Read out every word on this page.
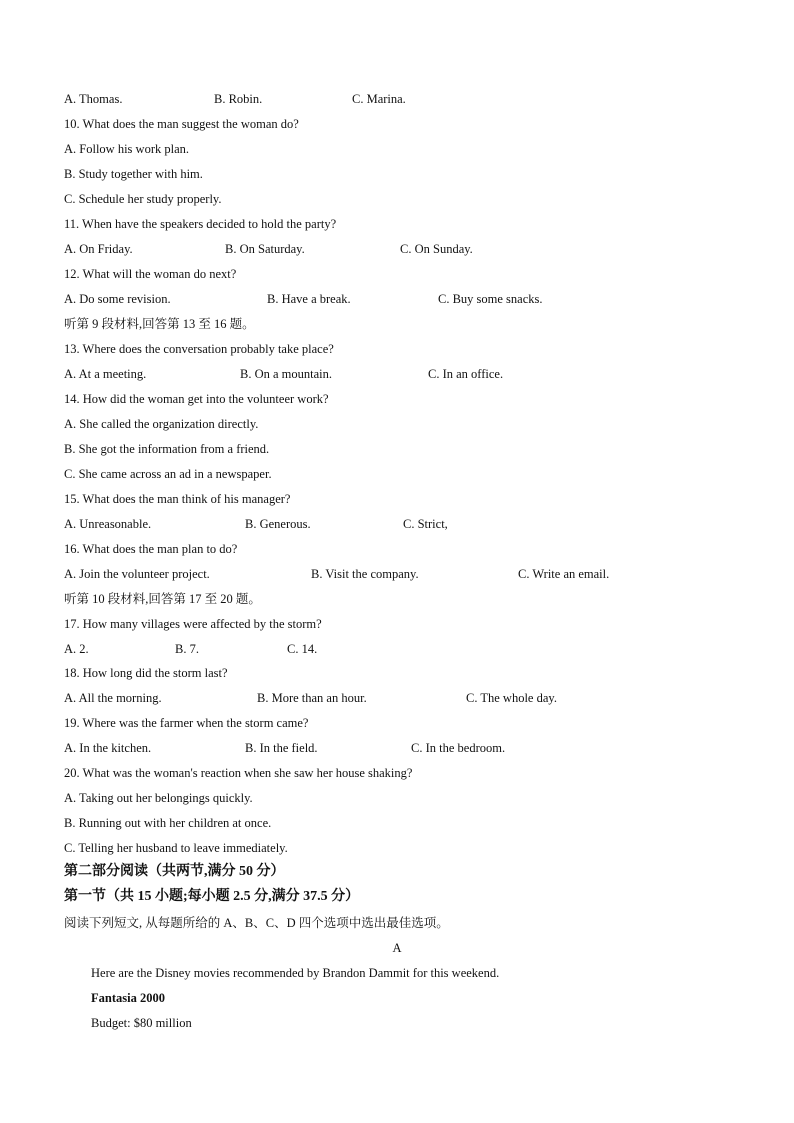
A. Thomas.	B. Robin.	C. Marina.
10. What does the man suggest the woman do?
A. Follow his work plan.
B. Study together with him.
C. Schedule her study properly.
11. When have the speakers decided to hold the party?
A. On Friday.	B. On Saturday.	C. On Sunday.
12. What will the woman do next?
A. Do some revision.	B. Have a break.	C. Buy some snacks.
听第 9 段材料,回答第 13 至 16 题。
13. Where does the conversation probably take place?
A. At a meeting.	B. On a mountain.	C. In an office.
14. How did the woman get into the volunteer work?
A. She called the organization directly.
B. She got the information from a friend.
C. She came across an ad in a newspaper.
15. What does the man think of his manager?
A. Unreasonable.	B. Generous.	C. Strict,
16. What does the man plan to do?
A. Join the volunteer project.	B. Visit the company.	C. Write an email.
听第 10 段材料,回答第 17 至 20 题。
17. How many villages were affected by the storm?
A. 2.	B. 7.	C. 14.
18. How long did the storm last?
A. All the morning.	B. More than an hour.	C. The whole day.
19. Where was the farmer when the storm came?
A. In the kitchen.	B. In the field.	C. In the bedroom.
20. What was the woman's reaction when she saw her house shaking?
A. Taking out her belongings quickly.
B. Running out with her children at once.
C. Telling her husband to leave immediately.
第二部分阅读（共两节,满分 50 分）
第一节（共 15 小题;每小题 2.5 分,满分 37.5 分）
阅读下列短文, 从每题所给的 A、B、C、D 四个选项中选出最佳选项。
A
Here are the Disney movies recommended by Brandon Dammit for this weekend.
Fantasia 2000
Budget: $80 million
